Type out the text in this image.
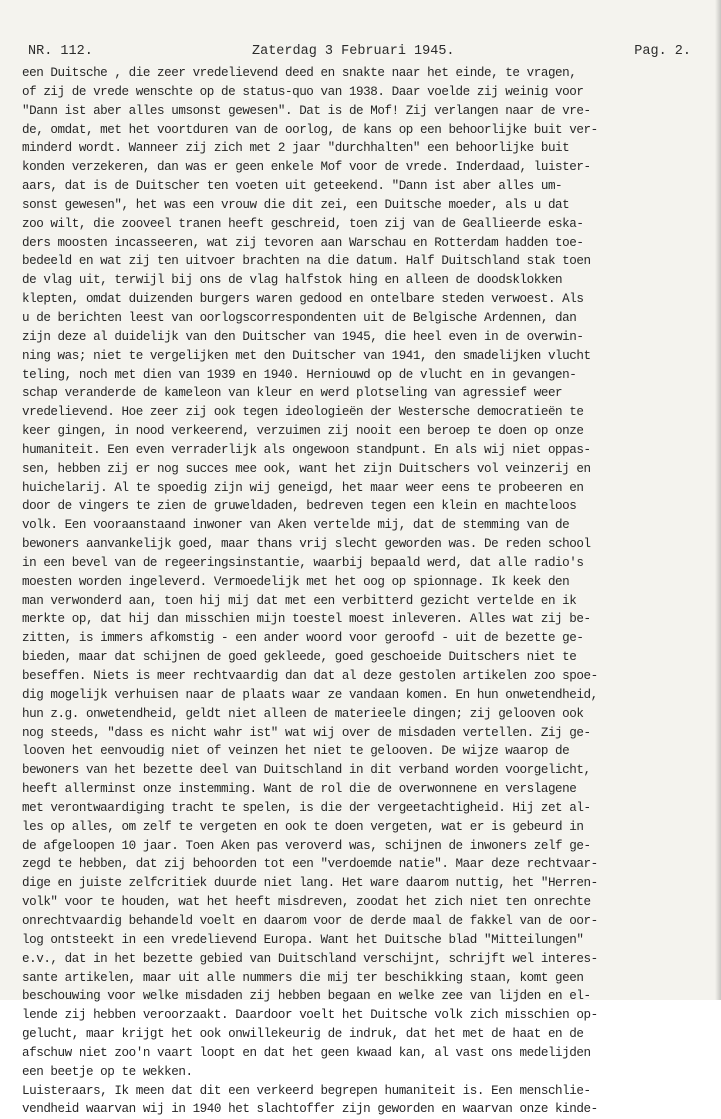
NR. 112.	Zaterdag 3 Februari 1945.	Pag. 2.
een Duitsche , die zeer vredelievend deed en snakte naar het einde, te vragen,
of zij de vrede wenschte op de status-quo van 1938. Daar voelde zij weinig voor
"Dann ist aber alles umsonst gewesen". Dat is de Mof! Zij verlangen naar de vre-
de, omdat, met het voortduren van de oorlog, de kans op een behoorlijke buit ver-
minderd wordt. Wanneer zij zich met 2 jaar "durchhalten" een behoorlijke buit
konden verzekeren, dan was er geen enkele Mof voor de vrede. Inderdaad, luister-
aars, dat is de Duitscher ten voeten uit geteekend. "Dann ist aber alles um-
sonst gewesen", het was een vrouw die dit zei, een Duitsche moeder, als u dat
zoo wilt, die zooveel tranen heeft geschreid, toen zij van de Geallieerde eska-
ders moosten incasseeren, wat zij tevoren aan Warschau en Rotterdam hadden toe-
bedeeld en wat zij ten uitvoer brachten na die datum. Half Duitschland stak toen
de vlag uit, terwijl bij ons de vlag halfstok hing en alleen de doodsklokken
klepten, omdat duizenden burgers waren gedood en ontelbare steden verwoest. Als
u de berichten leest van oorlogscorrespondenten uit de Belgische Ardennen, dan
zijn deze al duidelijk van den Duitscher van 1945, die heel even in de overwin-
ning was; niet te vergelijken met den Duitscher van 1941, den smadelijken vlucht
teling, noch met dien van 1939 en 1940. Herniouwd op de vlucht en in gevangen-
schap veranderde de kameleon van kleur en werd plotseling van agressief weer
vredelievend. Hoe zeer zij ook tegen ideologieën der Westersche democratieën te
keer gingen, in nood verkeerend, verzuimen zij nooit een beroep te doen op onze
humaniteit. Een even verraderlijk als ongewoon standpunt. En als wij niet oppas-
sen, hebben zij er nog succes mee ook, want het zijn Duitschers vol veinzerij en
huichelarij. Al te spoedig zijn wij geneigd, het maar weer eens te probeeren en
door de vingers te zien de gruweldaden, bedreven tegen een klein en machteloos
volk. Een vooraanstaand inwoner van Aken vertelde mij, dat de stemming van de
bewoners aanvankelijk goed, maar thans vrij slecht geworden was. De reden school
in een bevel van de regeeringsinstantie, waarbij bepaald werd, dat alle radio's
moesten worden ingeleverd. Vermoedelijk met het oog op spionnage. Ik keek den
man verwonderd aan, toen hij mij dat met een verbitterd gezicht vertelde en ik
merkte op, dat hij dan misschien mijn toestel moest inleveren. Alles wat zij be-
zitten, is immers afkomstig - een ander woord voor geroofd - uit de bezette ge-
bieden, maar dat schijnen de goed gekleede, goed geschoeide Duitschers niet te
beseffen. Niets is meer rechtvaardig dan dat al deze gestolen artikelen zoo spoe-
dig mogelijk verhuisen naar de plaats waar ze vandaan komen. En hun onwetendheid,
hun z.g. onwetendheid, geldt niet alleen de materieele dingen; zij gelooven ook
nog steeds, "dass es nicht wahr ist" wat wij over de misdaden vertellen. Zij ge-
looven het eenvoudig niet of veinzen het niet te gelooven. De wijze waarop de
bewoners van het bezette deel van Duitschland in dit verband worden voorgelicht,
heeft allerminst onze instemming. Want de rol die de overwonnene en verslagene
met verontwaardiging tracht te spelen, is die der vergeetachtigheid. Hij zet al-
les op alles, om zelf te vergeten en ook te doen vergeten, wat er is gebeurd in
de afgeloopen 10 jaar. Toen Aken pas veroverd was, schijnen de inwoners zelf ge-
zegd te hebben, dat zij behoorden tot een "verdoemde natie". Maar deze rechtvaar-
dige en juiste zelfcritiek duurde niet lang. Het ware daarom nuttig, het "Herren-
volk" voor te houden, wat het heeft misdreven, zoodat het zich niet ten onrechte
onrechtvaardig behandeld voelt en daarom voor de derde maal de fakkel van de oor-
log ontsteekt in een vredelievend Europa. Want het Duitsche blad "Mitteilungen"
e.v., dat in het bezette gebied van Duitschland verschijnt, schrijft wel interes-
sante artikelen, maar uit alle nummers die mij ter beschikking staan, komt geen
beschouwing voor welke misdaden zij hebben begaan en welke zee van lijden en el-
lende zij hebben veroorzaakt. Daardoor voelt het Duitsche volk zich misschien op-
gelucht, maar krijgt het ook onwillekeurig de indruk, dat het met de haat en de
afschuw niet zoo'n vaart loopt en dat het geen kwaad kan, al vast ons medelijden
een beetje op te wekken.
Luisteraars, Ik meen dat dit een verkeerd begrepen humaniteit is. Een menschlie-
vendheid waarvan wij in 1940 het slachtoffer zijn geworden en waarvan onze kinde-
